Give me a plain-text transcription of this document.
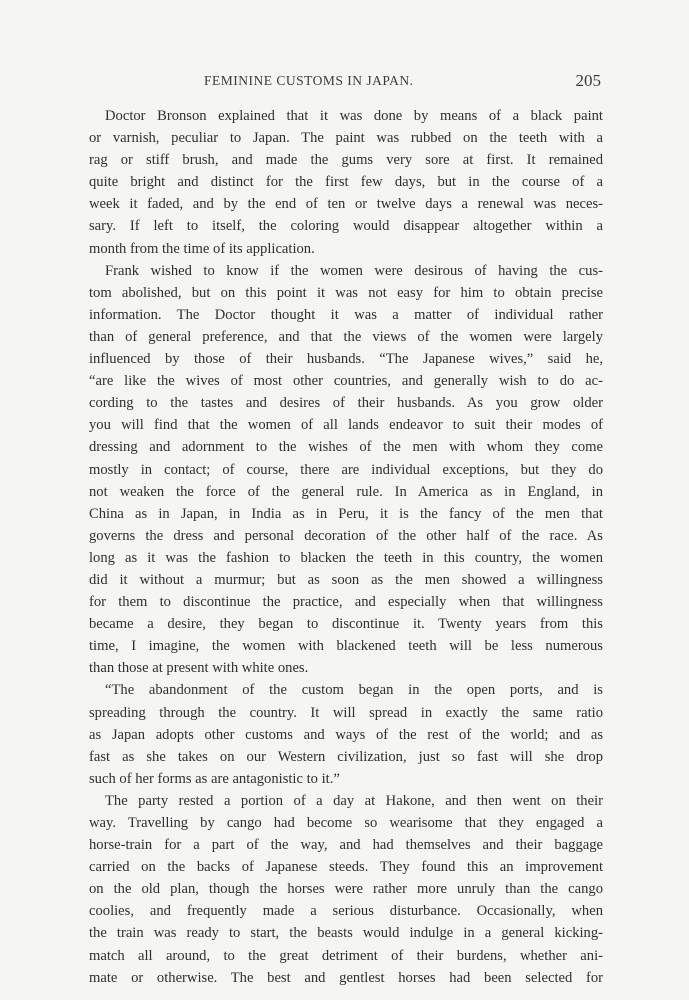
FEMININE CUSTOMS IN JAPAN.	205

Doctor Bronson explained that it was done by means of a black paint
or varnish, peculiar to Japan. The paint was rubbed on the teeth with a
rag or stiff brush, and made the gums very sore at first. It remained
quite bright and distinct for the first few days, but in the course of a
week it faded, and by the end of ten or twelve days a renewal was neces-
sary. If left to itself, the coloring would disappear altogether within a
month from the time of its application.

Frank wished to know if the women were desirous of having the cus-
tom abolished, but on this point it was not easy for him to obtain precise
information. The Doctor thought it was a matter of individual rather
than of general preference, and that the views of the women were largely
influenced by those of their husbands. “The Japanese wives,” said he,
“are like the wives of most other countries, and generally wish to do ac-
cording to the tastes and desires of their husbands. As you grow older
you will find that the women of all lands endeavor to suit their modes of
dressing and adornment to the wishes of the men with whom they come
mostly in contact; of course, there are individual exceptions, but they do
not weaken the force of the general rule. In America as in England, in
China as in Japan, in India as in Peru, it is the fancy of the men that
governs the dress and personal decoration of the other half of the race. As
long as it was the fashion to blacken the teeth in this country, the women
did it without a murmur; but as soon as the men showed a willingness
for them to discontinue the practice, and especially when that willingness
became a desire, they began to discontinue it. Twenty years from this
time, I imagine, the women with blackened teeth will be less numerous
than those at present with white ones.

“The abandonment of the custom began in the open ports, and is
spreading through the country. It will spread in exactly the same ratio
as Japan adopts other customs and ways of the rest of the world; and as
fast as she takes on our Western civilization, just so fast will she drop
such of her forms as are antagonistic to it.”

The party rested a portion of a day at Hakone, and then went on their
way. Travelling by cango had become so wearisome that they engaged a
horse-train for a part of the way, and had themselves and their baggage
carried on the backs of Japanese steeds. They found this an improvement
on the old plan, though the horses were rather more unruly than the cango
coolies, and frequently made a serious disturbance. Occasionally, when
the train was ready to start, the beasts would indulge in a general kicking-
match all around, to the great detriment of their burdens, whether ani-
mate or otherwise. The best and gentlest horses had been selected for
